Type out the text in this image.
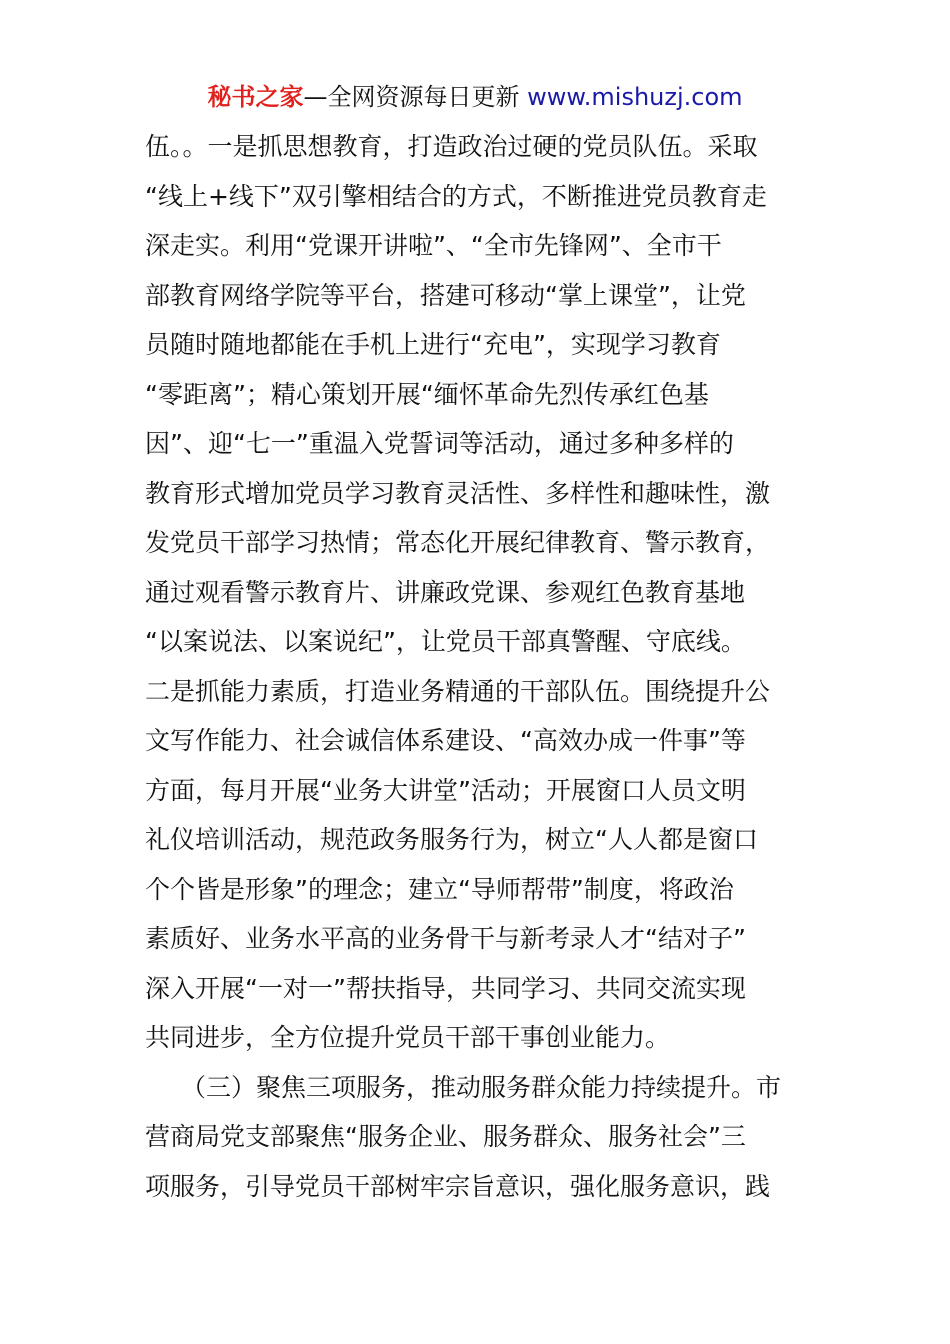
秘书之家—全网资源每日更新 www.mishuzj.com
伍。。一是抓思想教育，打造政治过硬的党员队伍。采取
“线上+线下”双引擎相结合的方式，不断推进党员教育走
深走实。利用“党课开讲啦”、“全市先锋网”、全市干
部教育网络学院等平台，搭建可移动“掌上课堂”，让党
员随时随地都能在手机上进行“充电”，实现学习教育
“零距离”；精心策划开展“缅怀革命先烈传承红色基
因”、迎“七一”重温入党誓词等活动，通过多种多样的
教育形式增加党员学习教育灵活性、多样性和趣味性，激
发党员干部学习热情；常态化开展纪律教育、警示教育，
通过观看警示教育片、讲廉政党课、参观红色教育基地
“以案说法、以案说纪”，让党员干部真警醒、守底线。
二是抓能力素质，打造业务精通的干部队伍。围绕提升公
文写作能力、社会诚信体系建设、“高效办成一件事”等
方面，每月开展“业务大讲堂”活动；开展窗口人员文明
礼仪培训活动，规范政务服务行为，树立“人人都是窗口
个个皆是形象”的理念；建立“导师帮带”制度，将政治
素质好、业务水平高的业务骨干与新考录人才“结对子”
深入开展“一对一”帮扶指导，共同学习、共同交流实现
共同进步，全方位提升党员干部干事创业能力。
（三）聚焦三项服务，推动服务群众能力持续提升。市
营商局党支部聚焦“服务企业、服务群众、服务社会”三
项服务，引导党员干部树牢宗旨意识，强化服务意识，践
